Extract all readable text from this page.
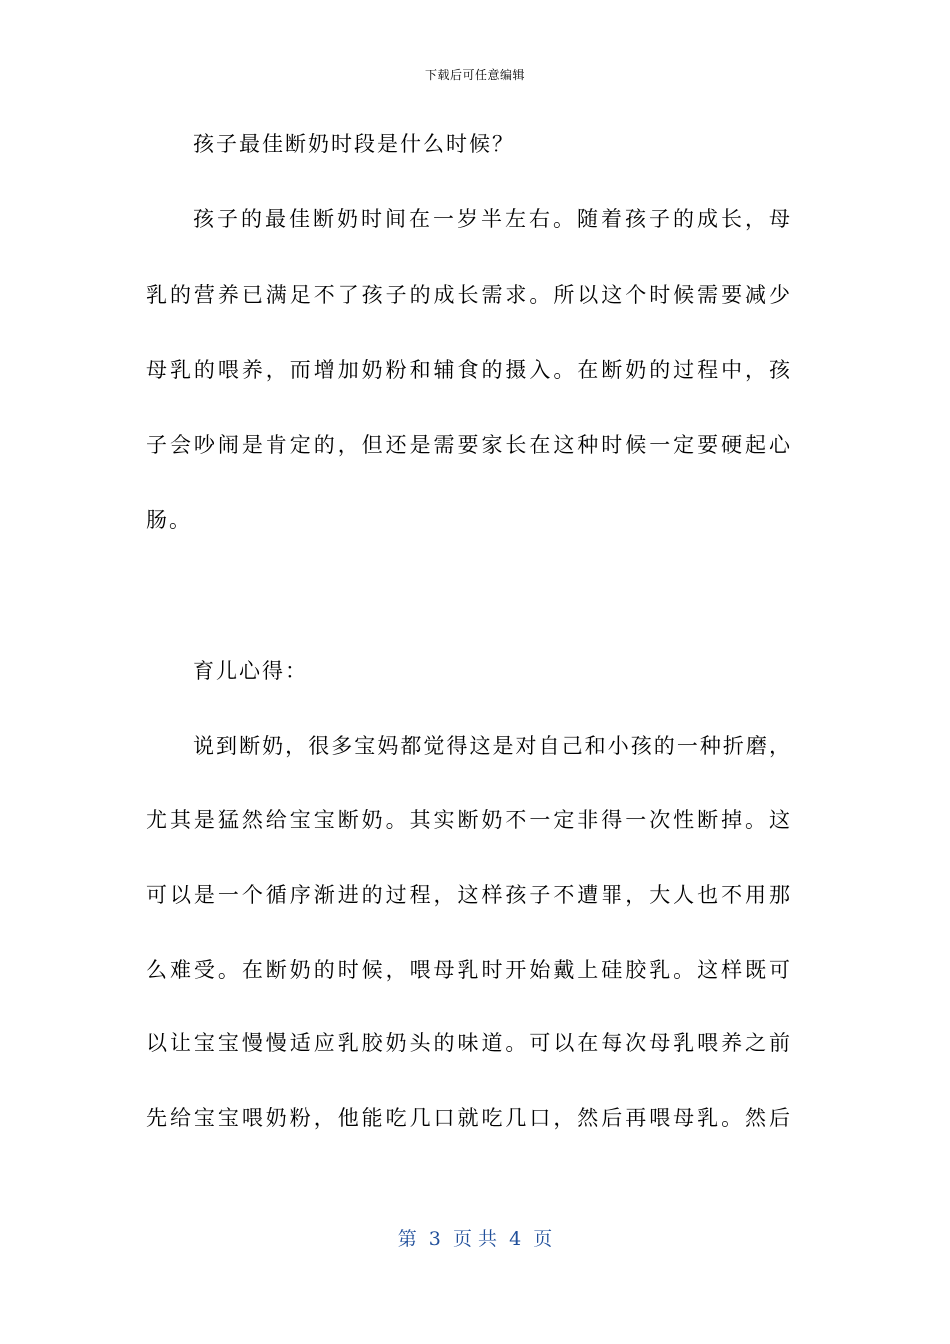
下载后可任意编辑
孩子最佳断奶时段是什么时候？
孩子的最佳断奶时间在一岁半左右。随着孩子的成长，母
乳的营养已满足不了孩子的成长需求。所以这个时候需要减少
母乳的喂养，而增加奶粉和辅食的摄入。在断奶的过程中，孩
子会吵闹是肯定的，但还是需要家长在这种时候一定要硬起心
肠。
育儿心得：
说到断奶，很多宝妈都觉得这是对自己和小孩的一种折磨，
尤其是猛然给宝宝断奶。其实断奶不一定非得一次性断掉。这
可以是一个循序渐进的过程，这样孩子不遭罪，大人也不用那
么难受。在断奶的时候，喂母乳时开始戴上硅胶乳。这样既可
以让宝宝慢慢适应乳胶奶头的味道。可以在每次母乳喂养之前
先给宝宝喂奶粉，他能吃几口就吃几口，然后再喂母乳。然后
第  3  页 共  4  页
